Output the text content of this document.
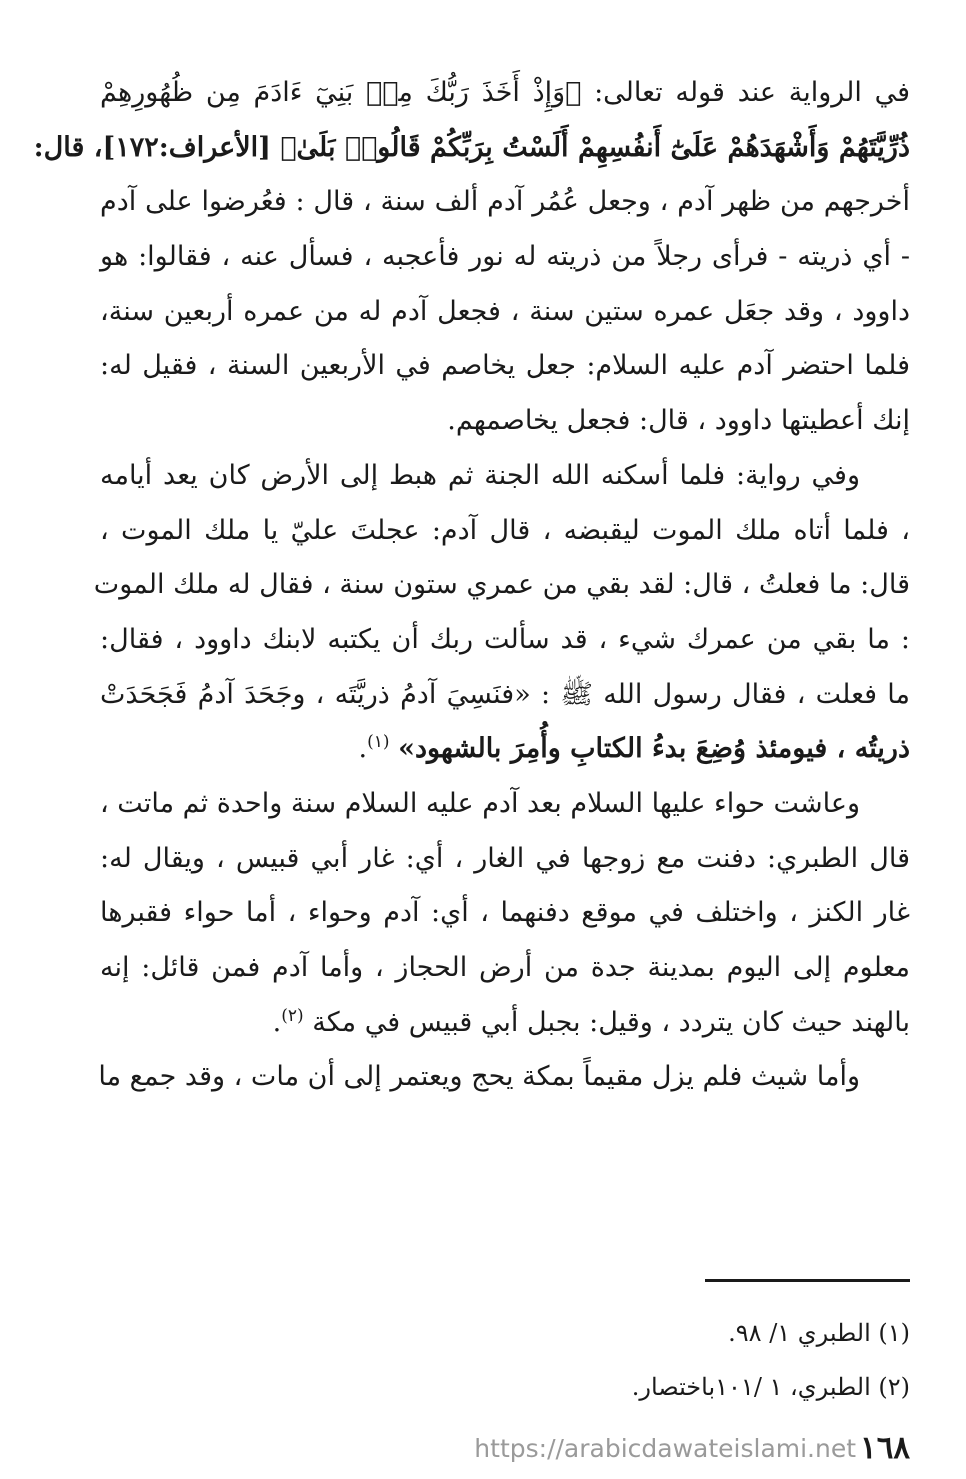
في الرواية عند قوله تعالى: ﴿وَإِذْ أَخَذَ رَبُّكَ مِنۢ بَنِيٓ ءَادَمَ مِن ظُهُورِهِمْ
ذُرِّيَّتَهُمْ وَأَشْهَدَهُمْ عَلَىٰٓ أَنفُسِهِمْ أَلَسْتُ بِرَبِّكُمْ قَالُوا۟ بَلَىٰ﴾ [الأعراف:١٧٢]، قال:
أخرجهم من ظهر آدم ، وجعل عُمُر آدم ألف سنة ، قال : فعُرضوا على آدم
- أي ذريته - فرأى رجلاً من ذريته له نور فأعجبه ، فسأل عنه ، فقالوا: هو
داوود ، وقد جعَل عمره ستين سنة ، فجعل آدم له من عمره أربعين سنة،
فلما احتضر آدم عليه السلام: جعل يخاصم في الأربعين السنة ، فقيل له:
إنك أعطيتها داوود ، قال: فجعل يخاصمهم.
وفي رواية: فلما أسكنه الله الجنة ثم هبط إلى الأرض كان يعد أيامه
، فلما أتاه ملك الموت ليقبضه ، قال آدم: عجلتَ عليّ يا ملك الموت ،
قال: ما فعلتُ ، قال: لقد بقي من عمري ستون سنة ، فقال له ملك الموت
: ما بقي من عمرك شيء ، قد سألت ربك أن يكتبه لابنك داوود ، فقال:
ما فعلت ، فقال رسول الله ﷺ : «فنَسِيَ آدمُ ذريَّتَه ، وجَحَدَ آدمُ فَجَحَدَتْ
ذريتُه ، فيومئذ وُضِعَ بدءُ الكتابِ وأُمِرَ بالشهود» $^{(١)}$.
وعاشت حواء عليها السلام بعد آدم عليه السلام سنة واحدة ثم ماتت ،
قال الطبري: دفنت مع زوجها في الغار ، أي: غار أبي قبيس ، ويقال له:
غار الكنز ، واختلف في موقع دفنهما ، أي: آدم وحواء ، أما حواء فقبرها
معلوم إلى اليوم بمدينة جدة من أرض الحجاز ، وأما آدم فمن قائل: إنه
بالهند حيث كان يتردد ، وقيل: بجبل أبي قبيس في مكة $^{(٢)}$.
وأما شيث فلم يزل مقيماً بمكة يحج ويعتمر إلى أن مات ، وقد جمع ما
(١) الطبري ١/ ٩٨.
(٢) الطبري، ١ /١٠١باختصار.
١٦٨
https://arabicdawateislami.net
